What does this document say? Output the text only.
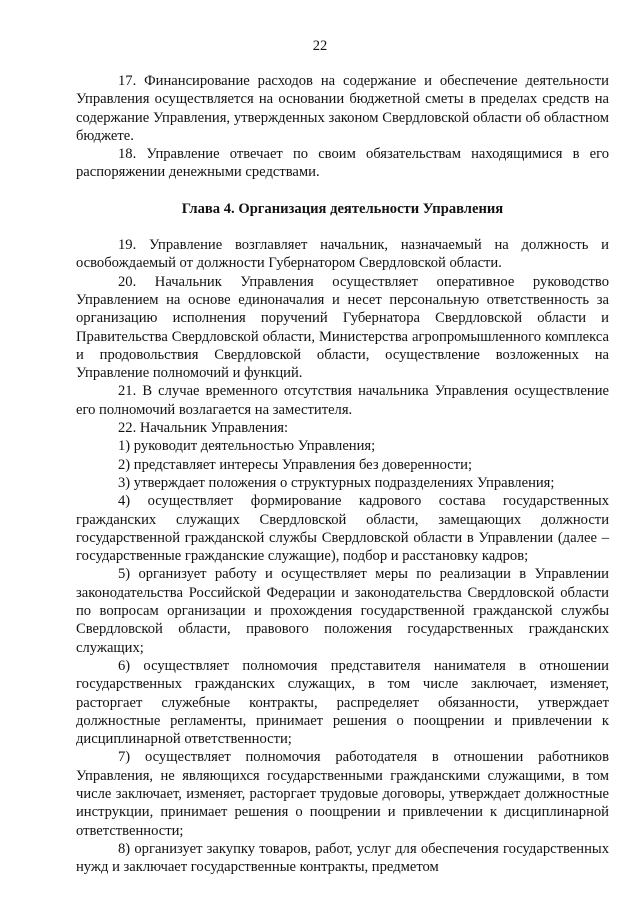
22

17. Финансирование расходов на содержание и обеспечение деятельности Управления осуществляется на основании бюджетной сметы в пределах средств на содержание Управления, утвержденных законом Свердловской области об областном бюджете.

18. Управление отвечает по своим обязательствам находящимися в его распоряжении денежными средствами.

Глава 4. Организация деятельности Управления

19. Управление возглавляет начальник, назначаемый на должность и освобождаемый от должности Губернатором Свердловской области.

20. Начальник Управления осуществляет оперативное руководство Управлением на основе единоначалия и несет персональную ответственность за организацию исполнения поручений Губернатора Свердловской области и Правительства Свердловской области, Министерства агропромышленного комплекса и продовольствия Свердловской области, осуществление возложенных на Управление полномочий и функций.

21. В случае временного отсутствия начальника Управления осуществление его полномочий возлагается на заместителя.

22. Начальник Управления:

1) руководит деятельностью Управления;

2) представляет интересы Управления без доверенности;

3) утверждает положения о структурных подразделениях Управления;

4) осуществляет формирование кадрового состава государственных гражданских служащих Свердловской области, замещающих должности государственной гражданской службы Свердловской области в Управлении (далее – государственные гражданские служащие), подбор и расстановку кадров;

5) организует работу и осуществляет меры по реализации в Управлении законодательства Российской Федерации и законодательства Свердловской области по вопросам организации и прохождения государственной гражданской службы Свердловской области, правового положения государственных гражданских служащих;

6) осуществляет полномочия представителя нанимателя в отношении государственных гражданских служащих, в том числе заключает, изменяет, расторгает служебные контракты, распределяет обязанности, утверждает должностные регламенты, принимает решения о поощрении и привлечении к дисциплинарной ответственности;

7) осуществляет полномочия работодателя в отношении работников Управления, не являющихся государственными гражданскими служащими, в том числе заключает, изменяет, расторгает трудовые договоры, утверждает должностные инструкции, принимает решения о поощрении и привлечении к дисциплинарной ответственности;

8) организует закупку товаров, работ, услуг для обеспечения государственных нужд и заключает государственные контракты, предметом
